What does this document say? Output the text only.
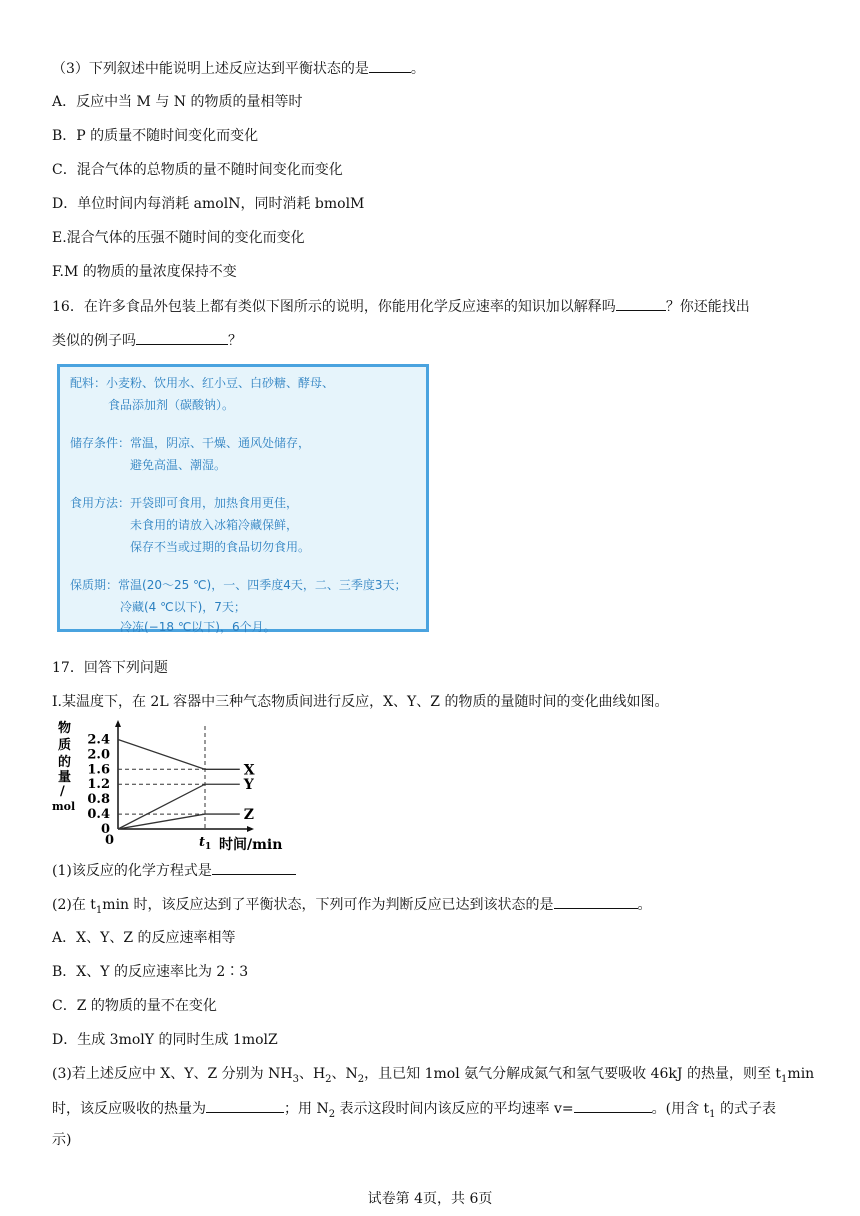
（3）下列叙述中能说明上述反应达到平衡状态的是	。
A．反应中当 M 与 N 的物质的量相等时
B．P 的质量不随时间变化而变化
C．混合气体的总物质的量不随时间变化而变化
D．单位时间内每消耗 amolN，同时消耗 bmolM
E.混合气体的压强不随时间的变化而变化
F.M 的物质的量浓度保持不变
16．在许多食品外包装上都有类似下图所示的说明，你能用化学反应速率的知识加以解释吗	？你还能找出
类似的例子吗	？
配料：小麦粉、饮用水、红小豆、白砂糖、酵母、
食品添加剂（碳酸钠）。
储存条件：常温，阴凉、干燥、通风处储存，
避免高温、潮湿。
食用方法：开袋即可食用，加热食用更佳，
未食用的请放入冰箱冷藏保鲜，
保存不当或过期的食品切勿食用。
保质期：常温(20～25 ℃)，一、四季度4天，二、三季度3天；
冷藏(4 ℃以下)，7天；
冷冻(−18 ℃以下)，6个月。
17．回答下列问题
I.某温度下，在 2L 容器中三种气态物质间进行反应，X、Y、Z 的物质的量随时间的变化曲线如图。
物质的量/ mol
0
0.4
0.8
1.2
1.6
2.0
2.4
X
Y
Z
0	$t_1$ 时间/min
(1)该反应的化学方程式是
(2)在 $t_1\min$ 时，该反应达到了平衡状态，下列可作为判断反应已达到该状态的是	。
A．X、Y、Z 的反应速率相等
B．X、Y 的反应速率比为 2∶3
C．Z 的物质的量不在变化
D．生成 3molY 的同时生成 1molZ
(3)若上述反应中 X、Y、Z 分别为 $NH_3$、$H_2$、$N_2$，且已知 1mol 氨气分解成氮气和氢气要吸收 46kJ 的热量，则至 $t_1\min$
时，该反应吸收的热量为	；用 $N_2$ 表示这段时间内该反应的平均速率 v=	。(用含 $t_1$ 的式子表
示)
试卷第 4页，共 6页
